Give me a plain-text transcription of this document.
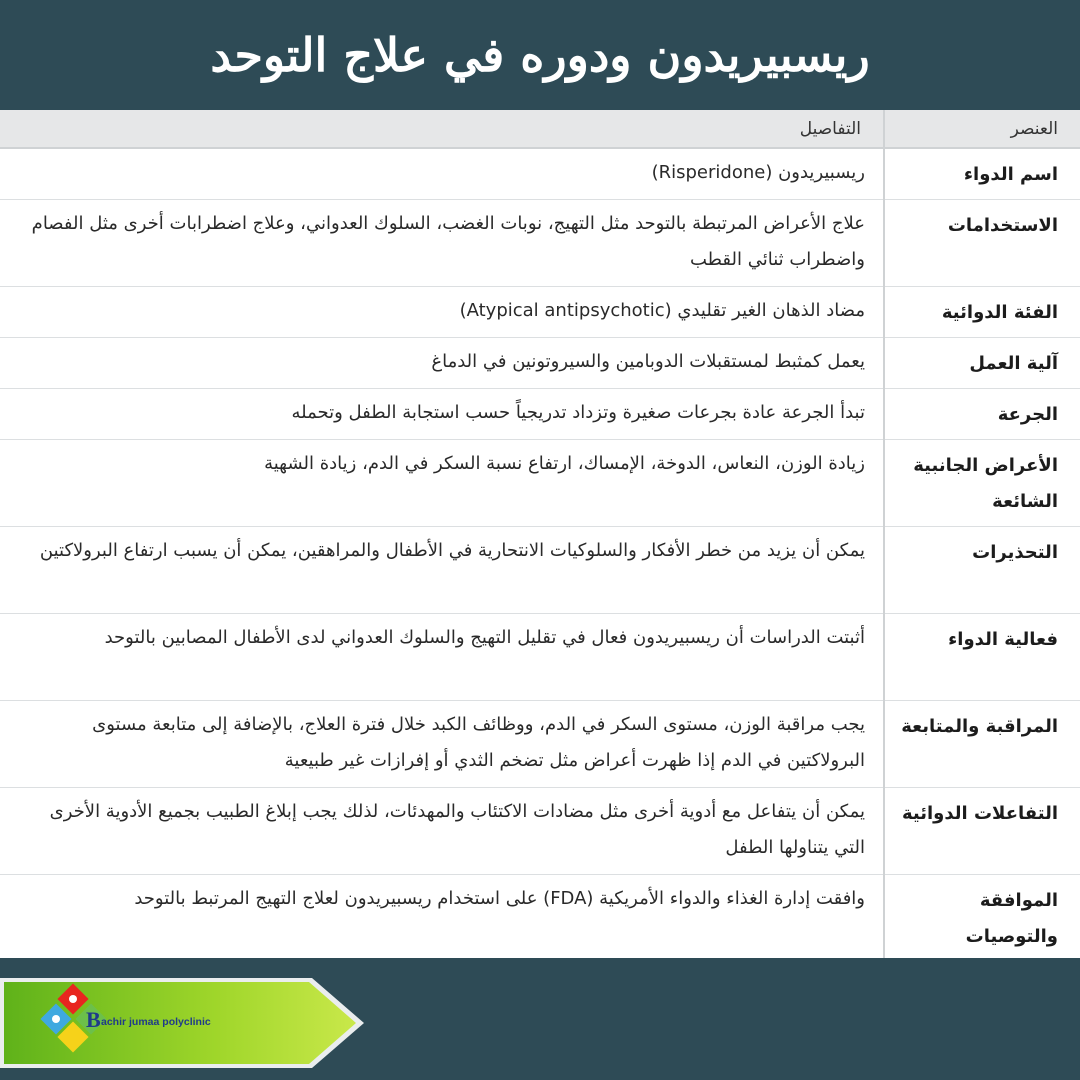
ريسبيريدون ودوره في علاج التوحد
العنصر	التفاصيل
اسم الدواء	ريسبيريدون (Risperidone)
الاستخدامات	علاج الأعراض المرتبطة بالتوحد مثل التهيج، نوبات الغضب، السلوك العدواني، وعلاج اضطرابات أخرى مثل الفصام واضطراب ثنائي القطب
الفئة الدوائية	مضاد الذهان الغير تقليدي (Atypical antipsychotic)
آلية العمل	يعمل كمثبط لمستقبلات الدوبامين والسيروتونين في الدماغ
الجرعة	تبدأ الجرعة عادة بجرعات صغيرة وتزداد تدريجياً حسب استجابة الطفل وتحمله
الأعراض الجانبية الشائعة	زيادة الوزن، النعاس، الدوخة، الإمساك، ارتفاع نسبة السكر في الدم، زيادة الشهية
التحذيرات	يمكن أن يزيد من خطر الأفكار والسلوكيات الانتحارية في الأطفال والمراهقين، يمكن أن يسبب ارتفاع البرولاكتين
فعالية الدواء	أثبتت الدراسات أن ريسبيريدون فعال في تقليل التهيج والسلوك العدواني لدى الأطفال المصابين بالتوحد
المراقبة والمتابعة	يجب مراقبة الوزن، مستوى السكر في الدم، ووظائف الكبد خلال فترة العلاج، بالإضافة إلى متابعة مستوى البرولاكتين في الدم إذا ظهرت أعراض مثل تضخم الثدي أو إفرازات غير طبيعية
التفاعلات الدوائية	يمكن أن يتفاعل مع أدوية أخرى مثل مضادات الاكتئاب والمهدئات، لذلك يجب إبلاغ الطبيب بجميع الأدوية الأخرى التي يتناولها الطفل
الموافقة والتوصيات	وافقت إدارة الغذاء والدواء الأمريكية (FDA) على استخدام ريسبيريدون لعلاج التهيج المرتبط بالتوحد
B achir jumaa polyclinic
